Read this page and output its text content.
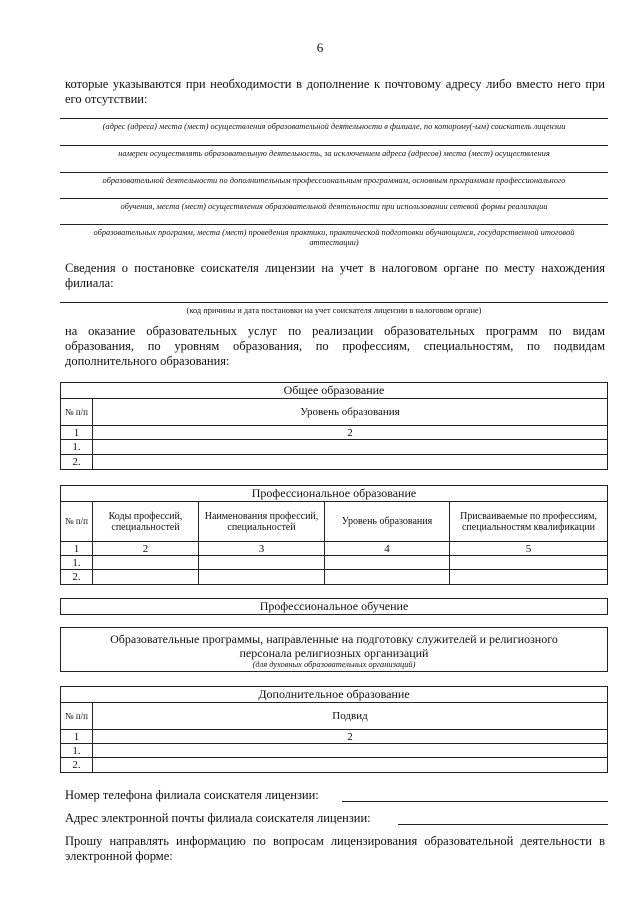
6
которые указываются при необходимости в дополнение к почтовому адресу либо вместо него при его отсутствии:
(адрес (адреса) места (мест) осуществления образовательной деятельности в филиале, по которому(-ым) соискатель лицензии
намерен осуществлять образовательную деятельность, за исключением адреса (адресов) места (мест) осуществления
образовательной деятельности по дополнительным профессиональным программам, основным программам профессионального
обучения, места (мест) осуществления образовательной деятельности при использовании сетевой формы реализации
образовательных программ, места (мест) проведения практики, практической подготовки обучающихся, государственной итоговой аттестации)
Сведения о постановке соискателя лицензии на учет в налоговом органе по месту нахождения филиала:
(код причины и дата постановки на учет соискателя лицензии в налоговом органе)
на оказание образовательных услуг по реализации образовательных программ по видам образования, по уровням образования, по профессиям, специальностям, по подвидам дополнительного образования:
Общее образование	
№ п/п	Уровень образования
1	2
1.	
2.	
Профессиональное образование				
№ п/п	Коды профессий, специальностей	Наименования профессий, специальностей	Уровень образования	Присваиваемые по профессиям, специальностям квалификации
1	2	3	4	5
1.				
2.				
Профессиональное обучение
Образовательные программы, направленные на подготовку служителей и религиозного
персонала религиозных организаций
(для духовных образовательных организаций)
Дополнительное образование	
№ п/п	Подвид
1	2
1.	
2.	
Номер телефона филиала соискателя лицензии:
Адрес электронной почты филиала соискателя лицензии:
Прошу направлять информацию по вопросам лицензирования образовательной деятельности в электронной форме:
